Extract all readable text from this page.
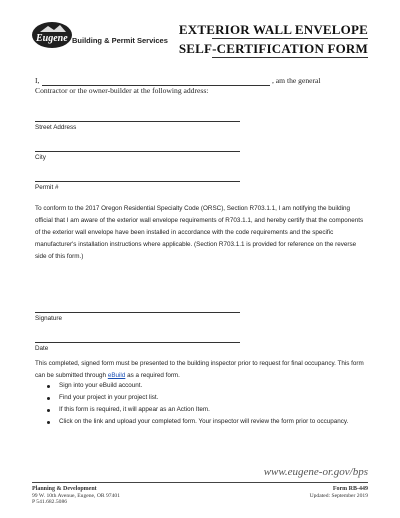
Eugene Building & Permit Services
EXTERIOR WALL ENVELOPE
SELF-CERTIFICATION FORM
I,	, am the general
Contractor or the owner-builder at the following address:
Street Address
City
Permit #
To conform to the 2017 Oregon Residential Specialty Code (ORSC), Section R703.1.1, I am notifying the building official that I am aware of the exterior wall envelope requirements of R703.1.1, and hereby certify that the components of the exterior wall envelope have been installed in accordance with the code requirements and the specific manufacturer's installation instructions where applicable. (Section R703.1.1 is provided for reference on the reverse side of this form.)
Signature
Date
This completed, signed form must be presented to the building inspector prior to request for final occupancy. This form can be submitted through eBuild as a required form.
Sign into your eBuild account.
Find your project in your project list.
If this form is required, it will appear as an Action Item.
Click on the link and upload your completed form. Your inspector will review the form prior to occupancy.
www.eugene-or.gov/bps
Planning & Development
99 W. 10th Avenue, Eugene, OR 97401
P 541.682.5086
Form RB-449
Updated: September 2019
